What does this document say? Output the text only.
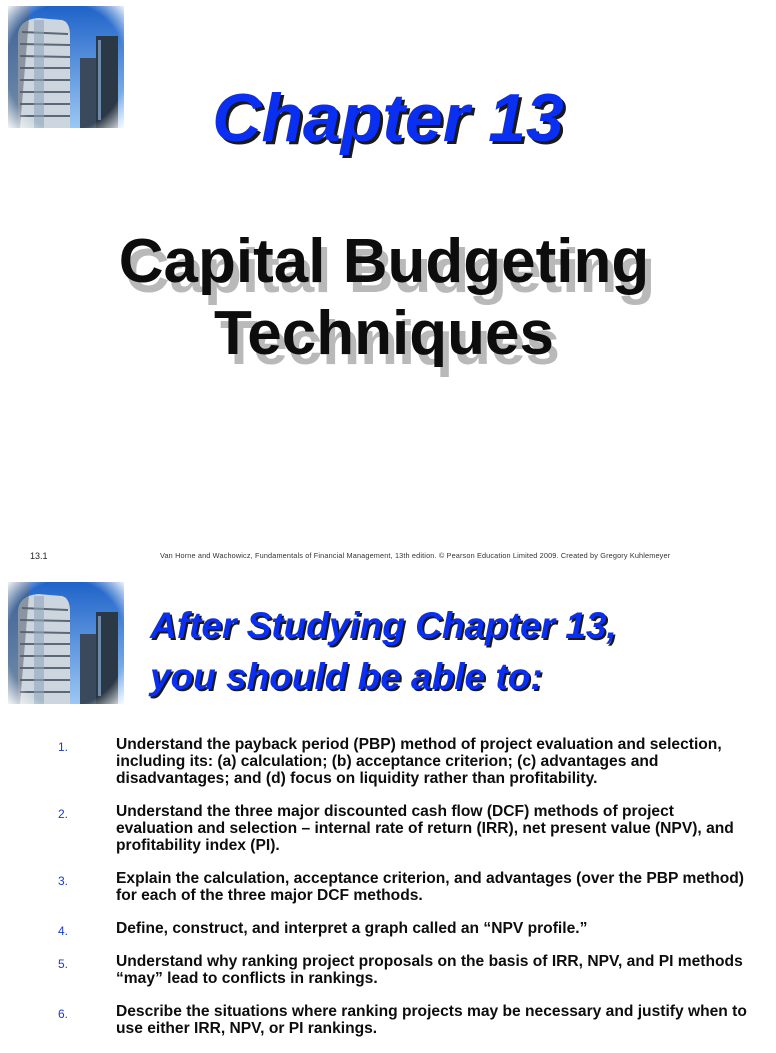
Chapter 13
Capital Budgeting
Techniques
13.1	Van Horne and Wachowicz, Fundamentals of Financial Management, 13th edition. © Pearson Education Limited 2009. Created by Gregory Kuhlemeyer
After Studying Chapter 13,
you should be able to:
1.	Understand the payback period (PBP) method of project evaluation and selection, including its: (a) calculation; (b) acceptance criterion; (c) advantages and disadvantages; and (d) focus on liquidity rather than profitability.
2.	Understand the three major discounted cash flow (DCF) methods of project evaluation and selection – internal rate of return (IRR), net present value (NPV), and profitability index (PI).
3.	Explain the calculation, acceptance criterion, and advantages (over the PBP method) for each of the three major DCF methods.
4.	Define, construct, and interpret a graph called an “NPV profile.”
5.	Understand why ranking project proposals on the basis of IRR, NPV, and PI methods “may” lead to conflicts in rankings.
6.	Describe the situations where ranking projects may be necessary and justify when to use either IRR, NPV, or PI rankings.
